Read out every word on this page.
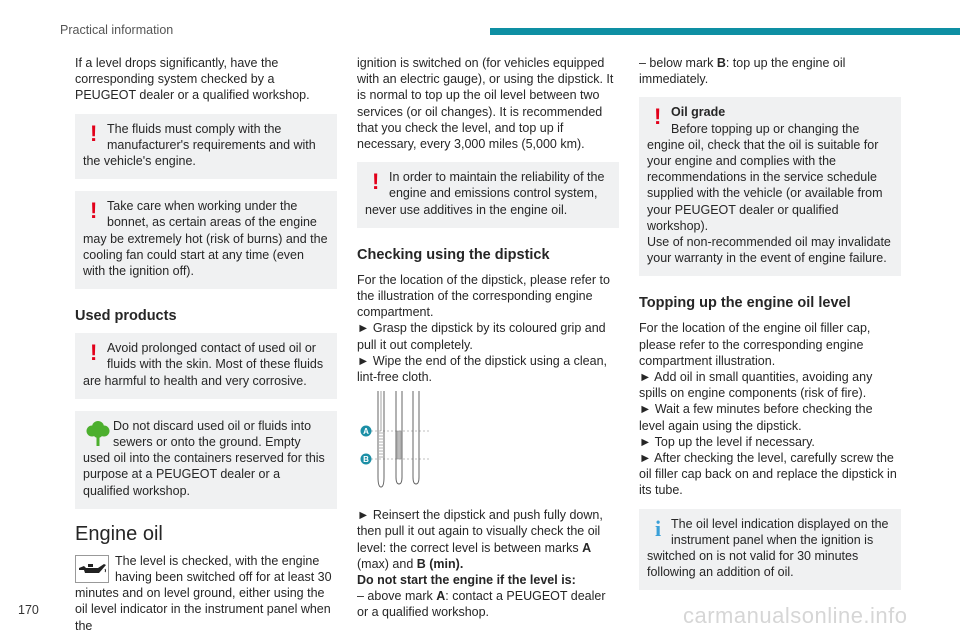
Practical information

If a level drops significantly, have the corresponding system checked by a PEUGEOT dealer or a qualified workshop.

! The fluids must comply with the manufacturer's requirements and with the vehicle's engine.
! Take care when working under the bonnet, as certain areas of the engine may be extremely hot (risk of burns) and the cooling fan could start at any time (even with the ignition off).
Used products
! Avoid prolonged contact of used oil or fluids with the skin. Most of these fluids are harmful to health and very corrosive.
Do not discard used oil or fluids into sewers or onto the ground. Empty used oil into the containers reserved for this purpose at a PEUGEOT dealer or a qualified workshop.
Engine oil
The level is checked, with the engine having been switched off for at least 30 minutes and on level ground, either using the oil level indicator in the instrument panel when the

ignition is switched on (for vehicles equipped with an electric gauge), or using the dipstick. It is normal to top up the oil level between two services (or oil changes). It is recommended that you check the level, and top up if necessary, every 3,000 miles (5,000 km).

! In order to maintain the reliability of the engine and emissions control system, never use additives in the engine oil.
Checking using the dipstick

For the location of the dipstick, please refer to the illustration of the corresponding engine compartment.

► Grasp the dipstick by its coloured grip and pull it out completely.
► Wipe the end of the dipstick using a clean, lint-free cloth.
A
B

► Reinsert the dipstick and push fully down, then pull it out again to visually check the oil level: the correct level is between marks A (max) and B (min).

Do not start the engine if the level is:
– above mark A: contact a PEUGEOT dealer or a qualified workshop.

– below mark B: top up the engine oil immediately.

! Oil grade
Before topping up or changing the engine oil, check that the oil is suitable for your engine and complies with the recommendations in the service schedule supplied with the vehicle (or available from your PEUGEOT dealer or qualified workshop).
Use of non-recommended oil may invalidate your warranty in the event of engine failure.
Topping up the engine oil level

For the location of the engine oil filler cap, please refer to the corresponding engine compartment illustration.

► Add oil in small quantities, avoiding any spills on engine components (risk of fire).
► Wait a few minutes before checking the level again using the dipstick.
► Top up the level if necessary.
► After checking the level, carefully screw the oil filler cap back on and replace the dipstick in its tube.
i The oil level indication displayed on the instrument panel when the ignition is switched on is not valid for 30 minutes following an addition of oil.
170	carmanualsonline.info
